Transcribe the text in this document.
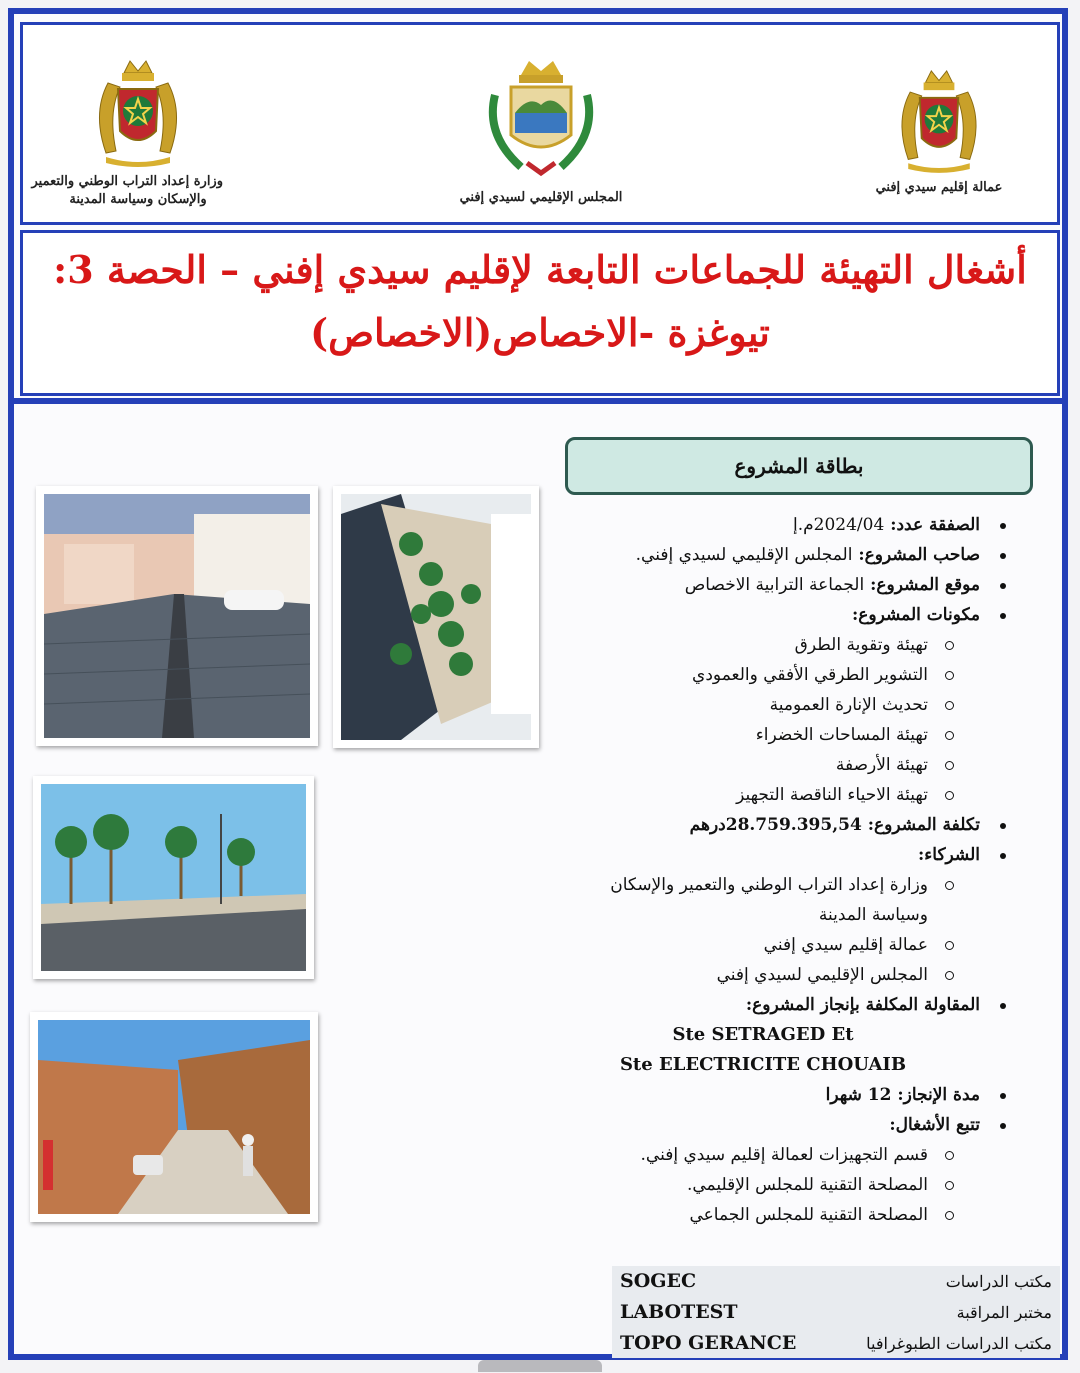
وزارة إعداد التراب الوطني والتعمير
والإسكان وسياسة المدينة	المجلس الإقليمي لسيدي إفني
عمالة إقليم سيدي إفني
أشغال التهيئة للجماعات التابعة لإقليم سيدي إفني – الحصة 3:
تيوغزة -الاخصاص(الاخصاص)
بطاقة المشروع
الصفقة عدد: 2024/04م.إ
صاحب المشروع: المجلس الإقليمي لسيدي إفني.
موقع المشروع: الجماعة الترابية الاخصاص
مكونات المشروع:
تهيئة وتقوية الطرق
التشوير الطرقي الأفقي والعمودي
تحديث الإنارة العمومية
تهيئة المساحات الخضراء
تهيئة الأرصفة
تهيئة الاحياء الناقصة التجهيز
تكلفة المشروع: 28.759.395,54درهم
الشركاء:
وزارة إعداد التراب الوطني والتعمير والإسكان
وسياسة المدينة
عمالة إقليم سيدي إفني
المجلس الإقليمي لسيدي إفني
المقاولة المكلفة بإنجاز المشروع:
Ste SETRAGED Et
Ste ELECTRICITE CHOUAIB
مدة الإنجاز: 12 شهرا
تتبع الأشغال:
قسم التجهيزات لعمالة إقليم سيدي إفني.
المصلحة التقنية للمجلس الإقليمي.
المصلحة التقنية للمجلس الجماعي
SOGEC	مكتب الدراسات
LABOTEST	مختبر المراقبة
TOPO GERANCE	مكتب الدراسات الطبوغرافيا
